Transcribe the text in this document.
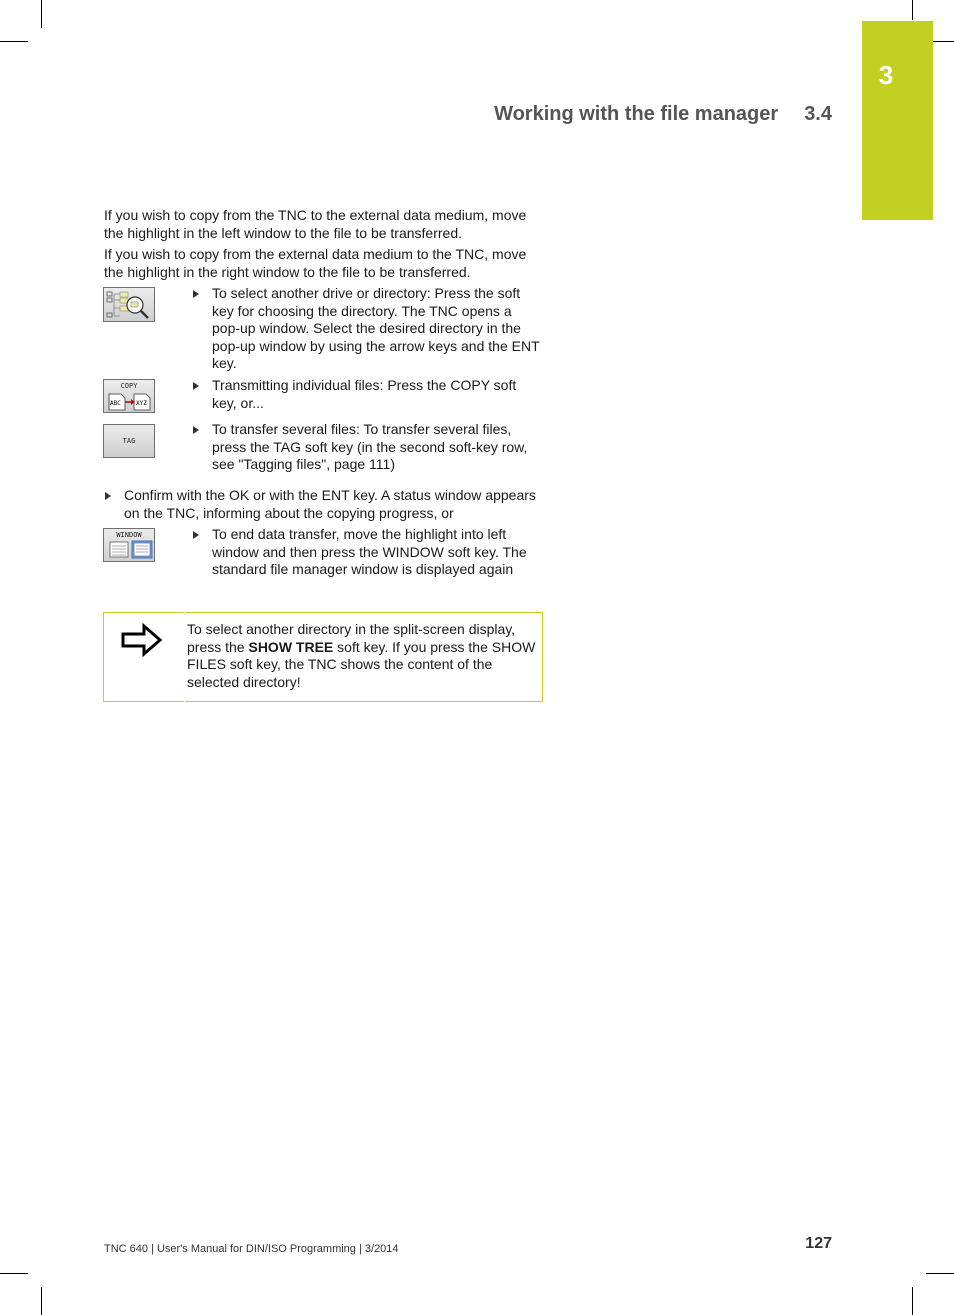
3
Working with the file manager 3.4

If you wish to copy from the TNC to the external data medium, move the highlight in the left window to the file to be transferred.

If you wish to copy from the external data medium to the TNC, move the highlight in the right window to the file to be transferred.

To select another drive or directory: Press the soft key for choosing the directory. The TNC opens a pop-up window. Select the desired directory in the pop-up window by using the arrow keys and the ENT key.
COPY
ABC	XYZ
Transmitting individual files: Press the COPY soft key, or...
TAG
To transfer several files: To transfer several files, press the TAG soft key (in the second soft-key row, see "Tagging files", page 111)
Confirm with the OK or with the ENT key. A status window appears on the TNC, informing about the copying progress, or
WINDOW	To end data transfer, move the highlight into left window and then press the WINDOW soft key. The standard file manager window is displayed again
To select another directory in the split-screen display, press the SHOW TREE soft key. If you press the SHOW FILES soft key, the TNC shows the content of the selected directory!
TNC 640 | User's Manual for DIN/ISO Programming | 3/2014	127
